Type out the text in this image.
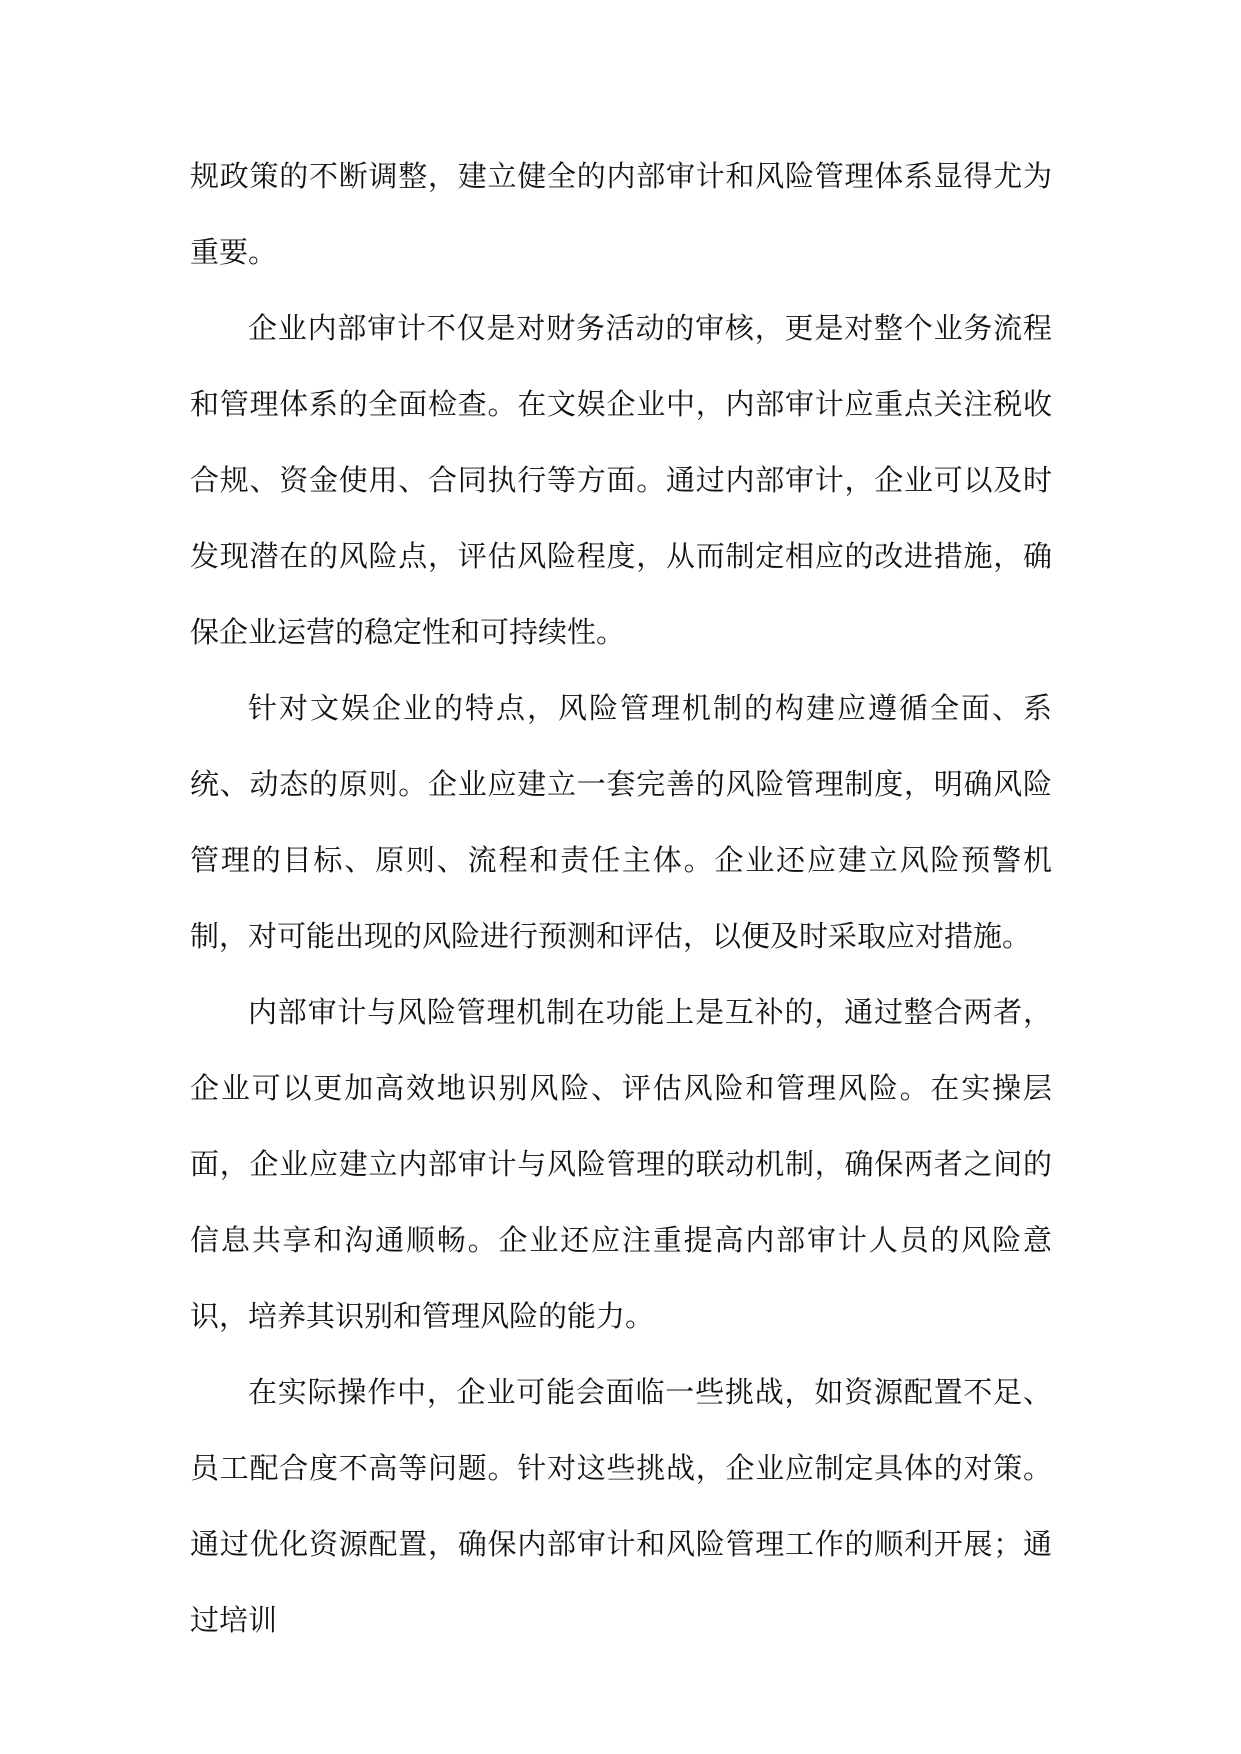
规政策的不断调整，建立健全的内部审计和风险管理体系显得尤为重要。

企业内部审计不仅是对财务活动的审核，更是对整个业务流程和管理体系的全面检查。在文娱企业中，内部审计应重点关注税收合规、资金使用、合同执行等方面。通过内部审计，企业可以及时发现潜在的风险点，评估风险程度，从而制定相应的改进措施，确保企业运营的稳定性和可持续性。

针对文娱企业的特点，风险管理机制的构建应遵循全面、系统、动态的原则。企业应建立一套完善的风险管理制度，明确风险管理的目标、原则、流程和责任主体。企业还应建立风险预警机制，对可能出现的风险进行预测和评估，以便及时采取应对措施。

内部审计与风险管理机制在功能上是互补的，通过整合两者，企业可以更加高效地识别风险、评估风险和管理风险。在实操层面，企业应建立内部审计与风险管理的联动机制，确保两者之间的信息共享和沟通顺畅。企业还应注重提高内部审计人员的风险意识，培养其识别和管理风险的能力。

在实际操作中，企业可能会面临一些挑战，如资源配置不足、员工配合度不高等问题。针对这些挑战，企业应制定具体的对策。通过优化资源配置，确保内部审计和风险管理工作的顺利开展；通过培训
